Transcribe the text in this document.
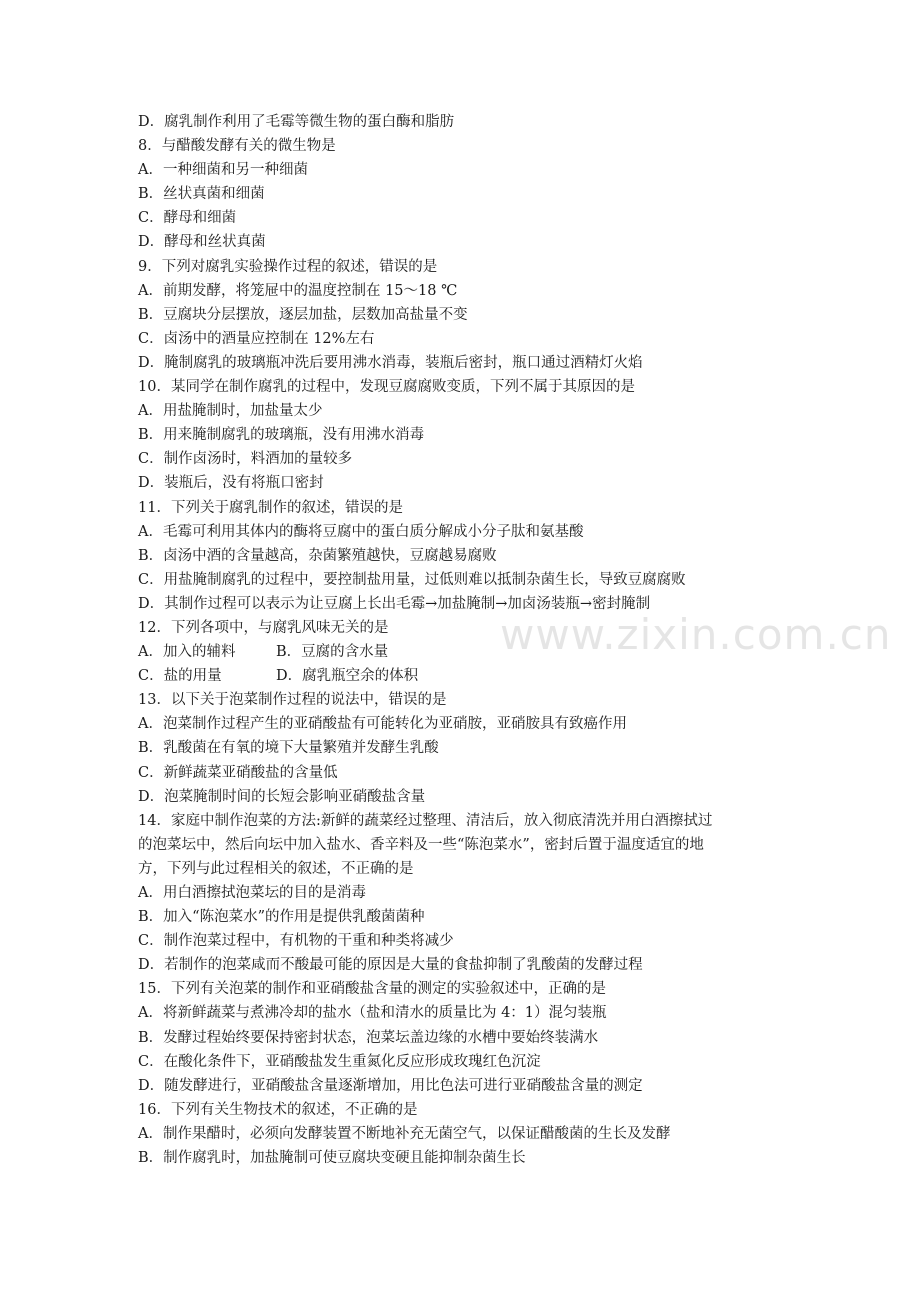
D．腐乳制作利用了毛霉等微生物的蛋白酶和脂肪
8．与醋酸发酵有关的微生物是
A．一种细菌和另一种细菌
B．丝状真菌和细菌
C．酵母和细菌
D．酵母和丝状真菌
9．下列对腐乳实验操作过程的叙述，错误的是
A．前期发酵，将笼屉中的温度控制在 15～18 ℃
B．豆腐块分层摆放，逐层加盐，层数加高盐量不变
C．卤汤中的酒量应控制在 12%左右
D．腌制腐乳的玻璃瓶冲洗后要用沸水消毒，装瓶后密封，瓶口通过酒精灯火焰
10．某同学在制作腐乳的过程中，发现豆腐腐败变质，下列不属于其原因的是
A．用盐腌制时，加盐量太少
B．用来腌制腐乳的玻璃瓶，没有用沸水消毒
C．制作卤汤时，料酒加的量较多
D．装瓶后，没有将瓶口密封
11．下列关于腐乳制作的叙述，错误的是
A．毛霉可利用其体内的酶将豆腐中的蛋白质分解成小分子肽和氨基酸
B．卤汤中酒的含量越高，杂菌繁殖越快，豆腐越易腐败
C．用盐腌制腐乳的过程中，要控制盐用量，过低则难以抵制杂菌生长，导致豆腐腐败
D．其制作过程可以表示为让豆腐上长出毛霉→加盐腌制→加卤汤装瓶→密封腌制
12．下列各项中，与腐乳风味无关的是
A．加入的辅料	B．豆腐的含水量
C．盐的用量	D．腐乳瓶空余的体积
13．以下关于泡菜制作过程的说法中，错误的是
A．泡菜制作过程产生的亚硝酸盐有可能转化为亚硝胺，亚硝胺具有致癌作用
B．乳酸菌在有氧的境下大量繁殖并发酵生乳酸
C．新鲜蔬菜亚硝酸盐的含量低
D．泡菜腌制时间的长短会影响亚硝酸盐含量
14．家庭中制作泡菜的方法:新鲜的蔬菜经过整理、清洁后，放入彻底清洗并用白酒擦拭过
的泡菜坛中，然后向坛中加入盐水、香辛料及一些“陈泡菜水”，密封后置于温度适宜的地
方，下列与此过程相关的叙述，不正确的是
A．用白酒擦拭泡菜坛的目的是消毒
B．加入“陈泡菜水”的作用是提供乳酸菌菌种
C．制作泡菜过程中，有机物的干重和种类将减少
D．若制作的泡菜咸而不酸最可能的原因是大量的食盐抑制了乳酸菌的发酵过程
15．下列有关泡菜的制作和亚硝酸盐含量的测定的实验叙述中，正确的是
A．将新鲜蔬菜与煮沸冷却的盐水（盐和清水的质量比为 4：1）混匀装瓶
B．发酵过程始终要保持密封状态，泡菜坛盖边缘的水槽中要始终装满水
C．在酸化条件下，亚硝酸盐发生重氮化反应形成玫瑰红色沉淀
D．随发酵进行，亚硝酸盐含量逐渐增加，用比色法可进行亚硝酸盐含量的测定
16．下列有关生物技术的叙述，不正确的是
A．制作果醋时，必须向发酵装置不断地补充无菌空气，以保证醋酸菌的生长及发酵
B．制作腐乳时，加盐腌制可使豆腐块变硬且能抑制杂菌生长
www.zixin.com.cn
